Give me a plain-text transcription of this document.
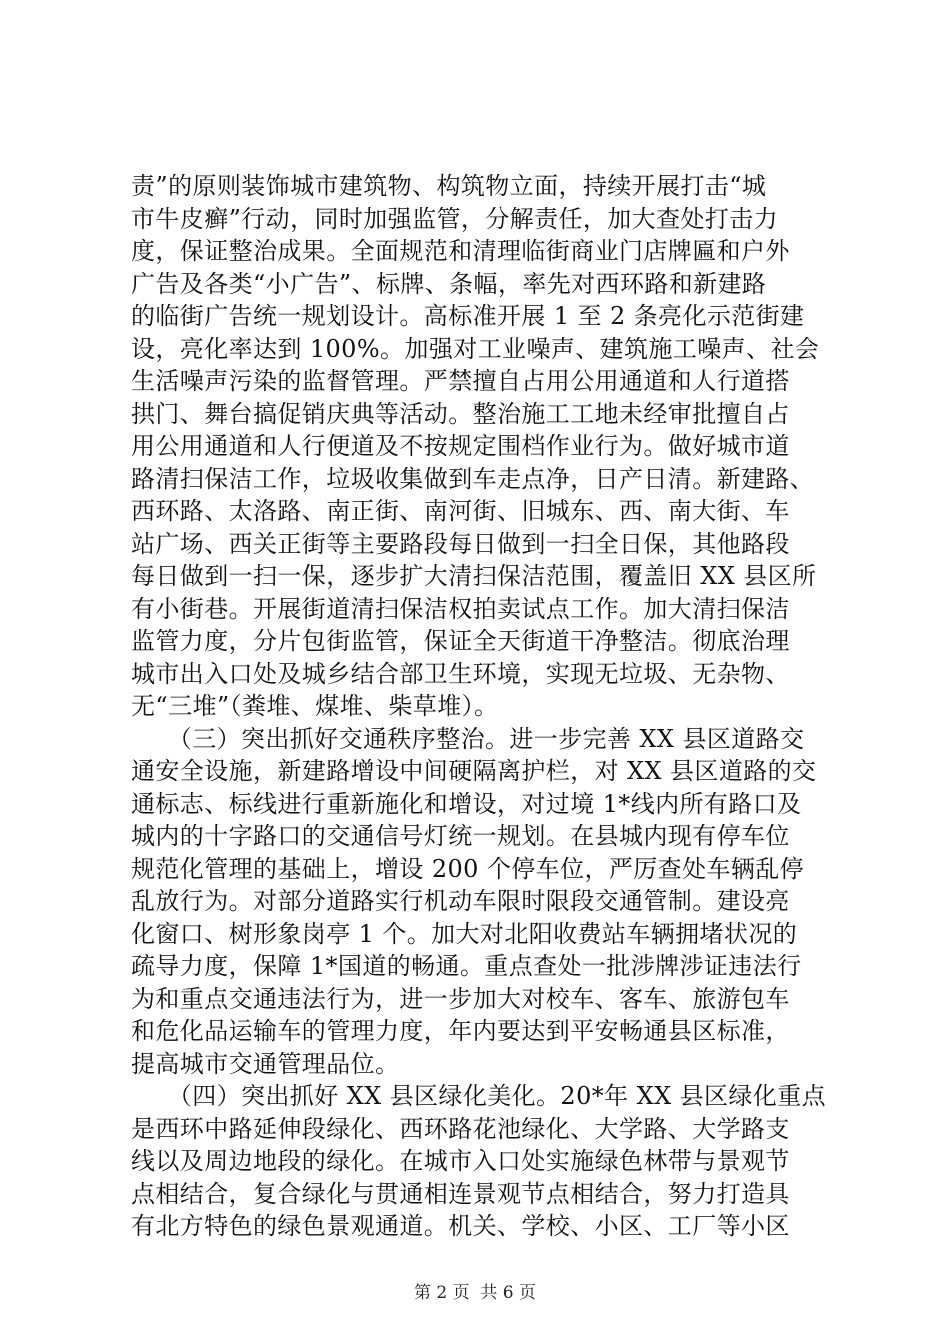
责”的原则装饰城市建筑物、构筑物立面，持续开展打击“城
市牛皮癣”行动，同时加强监管，分解责任，加大查处打击力
度，保证整治成果。全面规范和清理临街商业门店牌匾和户外
广告及各类“小广告”、标牌、条幅，率先对西环路和新建路
的临街广告统一规划设计。高标准开展 1 至 2 条亮化示范街建
设，亮化率达到 100%。加强对工业噪声、建筑施工噪声、社会
生活噪声污染的监督管理。严禁擅自占用公用通道和人行道搭
拱门、舞台搞促销庆典等活动。整治施工工地未经审批擅自占
用公用通道和人行便道及不按规定围档作业行为。做好城市道
路清扫保洁工作，垃圾收集做到车走点净，日产日清。新建路、
西环路、太洛路、南正街、南河街、旧城东、西、南大街、车
站广场、西关正街等主要路段每日做到一扫全日保，其他路段
每日做到一扫一保，逐步扩大清扫保洁范围，覆盖旧 XX 县区所
有小街巷。开展街道清扫保洁权拍卖试点工作。加大清扫保洁
监管力度，分片包街监管，保证全天街道干净整洁。彻底治理
城市出入口处及城乡结合部卫生环境，实现无垃圾、无杂物、
无“三堆”（粪堆、煤堆、柴草堆）。
　　（三）突出抓好交通秩序整治。进一步完善 XX 县区道路交
通安全设施，新建路增设中间硬隔离护栏，对 XX 县区道路的交
通标志、标线进行重新施化和增设，对过境 1*线内所有路口及
城内的十字路口的交通信号灯统一规划。在县城内现有停车位
规范化管理的基础上，增设 200 个停车位，严厉查处车辆乱停
乱放行为。对部分道路实行机动车限时限段交通管制。建设亮
化窗口、树形象岗亭 1 个。加大对北阳收费站车辆拥堵状况的
疏导力度，保障 1*国道的畅通。重点查处一批涉牌涉证违法行
为和重点交通违法行为，进一步加大对校车、客车、旅游包车
和危化品运输车的管理力度，年内要达到平安畅通县区标准，
提高城市交通管理品位。
　　（四）突出抓好 XX 县区绿化美化。20*年 XX 县区绿化重点
是西环中路延伸段绿化、西环路花池绿化、大学路、大学路支
线以及周边地段的绿化。在城市入口处实施绿色林带与景观节
点相结合，复合绿化与贯通相连景观节点相结合，努力打造具
有北方特色的绿色景观通道。机关、学校、小区、工厂等小区
第 2 页  共 6 页
